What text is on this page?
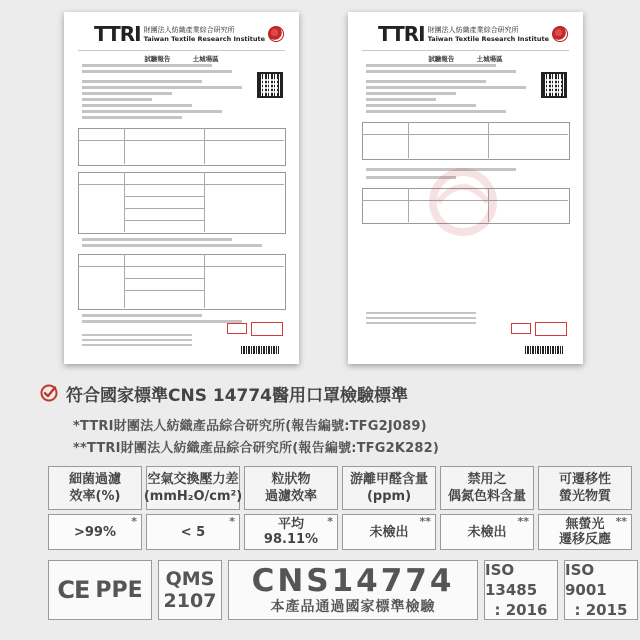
TTRI 財團法人紡織產業綜合研究所
Taiwan Textile Research Institute
試驗報告	土城場區
TTRI 財團法人紡織產業綜合研究所
Taiwan Textile Research Institute
試驗報告	土城場區
符合國家標準CNS 14774醫用口罩檢驗標準
*TTRI財團法人紡織產品綜合研究所(報告編號:TFG2J089)
**TTRI財團法人紡織產品綜合研究所(報告編號:TFG2K282)
細菌過濾
效率(%)
>99%
*
空氣交換壓力差
(mmH₂O/cm²)
< 5
*
粒狀物
過濾效率
平均
98.11%
*
游離甲醛含量
(ppm)
未檢出
**
禁用之
偶氮色料含量
未檢出
**
可遷移性
螢光物質
無螢光
遷移反應
**
CE PPE QMS
2107
CNS14774
本產品通過國家標準檢驗
ISO 13485
: 2016
ISO 9001
: 2015
